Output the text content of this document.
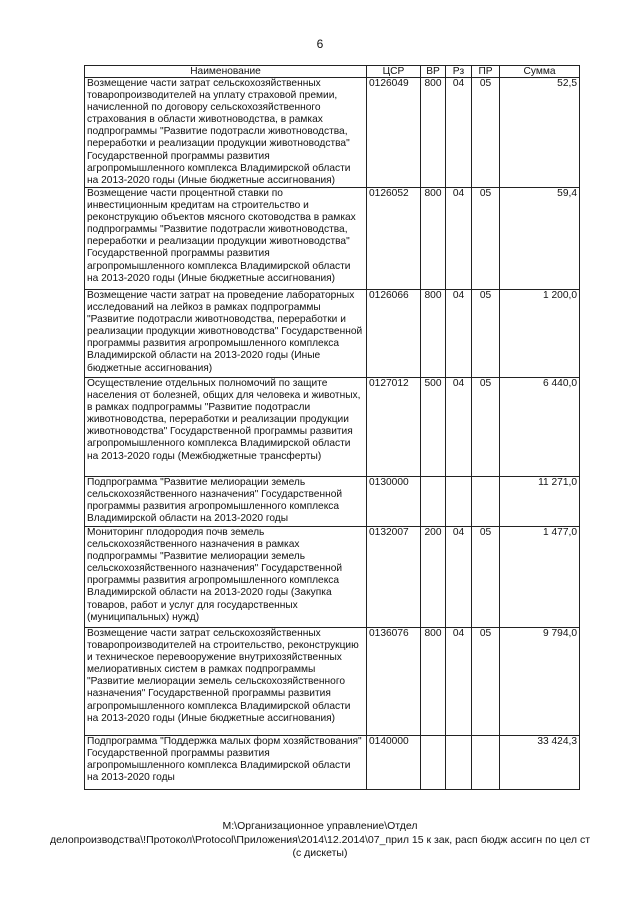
6
Наименование	ЦСР	ВР	Рз	ПР	Сумма
Возмещение части затрат сельскохозяйственных товаропроизводителей на уплату страховой премии, начисленной по договору сельскохозяйственного страхования в области животноводства, в рамках подпрограммы "Развитие подотрасли животноводства, переработки и реализации продукции животноводства" Государственной программы развития агропромышленного комплекса Владимирской области на 2013-2020 годы (Иные бюджетные ассигнования)	0126049	800	04	05	52,5
Возмещение части процентной ставки по инвестиционным кредитам на строительство и реконструкцию объектов мясного скотоводства в рамках подпрограммы "Развитие подотрасли животноводства, переработки и реализации продукции животноводства" Государственной программы развития агропромышленного комплекса Владимирской области на 2013-2020 годы (Иные бюджетные ассигнования)	0126052	800	04	05	59,4
Возмещение части затрат на проведение лабораторных исследований на лейкоз в рамках подпрограммы "Развитие подотрасли животноводства, переработки и реализации продукции животноводства" Государственной программы развития агропромышленного комплекса Владимирской области на 2013-2020 годы (Иные бюджетные ассигнования)	0126066	800	04	05	1 200,0
Осуществление отдельных полномочий по защите населения от болезней, общих для человека и животных, в рамках подпрограммы "Развитие подотрасли животноводства, переработки и реализации продукции животноводства" Государственной программы развития агропромышленного комплекса Владимирской области на 2013-2020 годы (Межбюджетные трансферты)	0127012	500	04	05	6 440,0
Подпрограмма "Развитие мелиорации земель сельскохозяйственного назначения" Государственной программы развития агропромышленного комплекса Владимирской области на 2013-2020 годы	0130000				11 271,0
Мониторинг плодородия почв земель сельскохозяйственного назначения в рамках подпрограммы "Развитие мелиорации земель сельскохозяйственного назначения" Государственной программы развития агропромышленного комплекса Владимирской области на 2013-2020 годы (Закупка товаров, работ и услуг для государственных (муниципальных) нужд)	0132007	200	04	05	1 477,0
Возмещение части затрат сельскохозяйственных товаропроизводителей на строительство, реконструкцию и техническое перевооружение внутрихозяйственных мелиоративных систем в рамках подпрограммы "Развитие мелиорации земель сельскохозяйственного назначения" Государственной программы развития агропромышленного комплекса Владимирской области на 2013-2020 годы (Иные бюджетные ассигнования)	0136076	800	04	05	9 794,0
Подпрограмма "Поддержка малых форм хозяйствования" Государственной программы развития агропромышленного комплекса Владимирской области на 2013-2020 годы	0140000				33 424,3
M:\Организационное управление\Отдел
делопроизводства\!Протокол\Protocol\Приложения\2014\12.2014\07_прил 15 к зак, расп бюдж ассигн по цел ст
(с дискеты)
